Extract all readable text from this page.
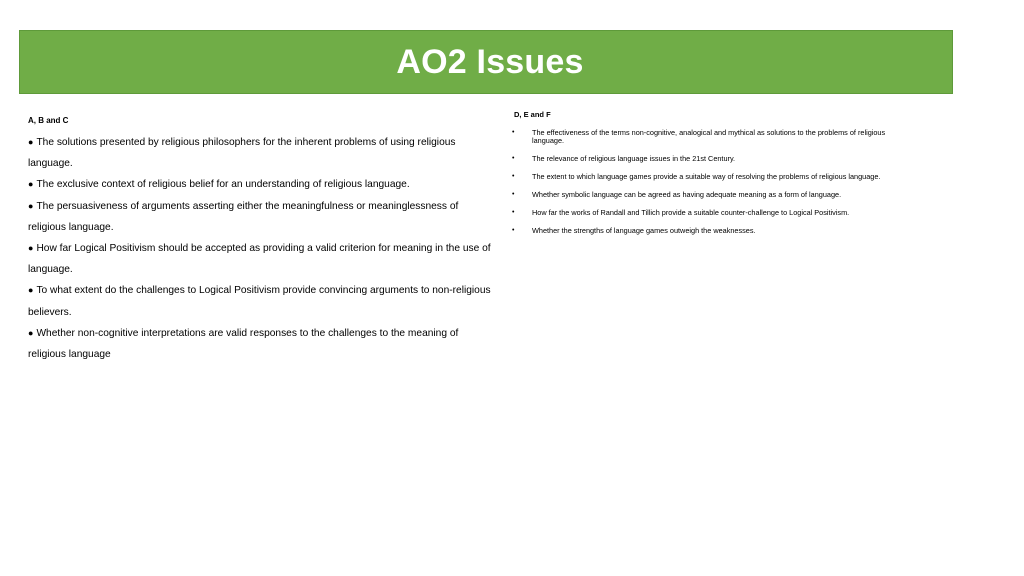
AO2 Issues
A, B and C
● The solutions presented by religious philosophers for the inherent problems of using religious language.
● The exclusive context of religious belief for an understanding of religious language.
● The persuasiveness of arguments asserting either the meaningfulness or meaninglessness of religious language.
● How far Logical Positivism should be accepted as providing a valid criterion for meaning in the use of language.
● To what extent do the challenges to Logical Positivism provide convincing arguments to non-religious believers.
● Whether non-cognitive interpretations are valid responses to the challenges to the meaning of religious language
D, E and F
• The effectiveness of the terms non-cognitive, analogical and mythical as solutions to the problems of religious language.
• The relevance of religious language issues in the 21st Century.
• The extent to which language games provide a suitable way of resolving the problems of religious language.
• Whether symbolic language can be agreed as having adequate meaning as a form of language.
• How far the works of Randall and Tillich provide a suitable counter-challenge to Logical Positivism.
• Whether the strengths of language games outweigh the weaknesses.
